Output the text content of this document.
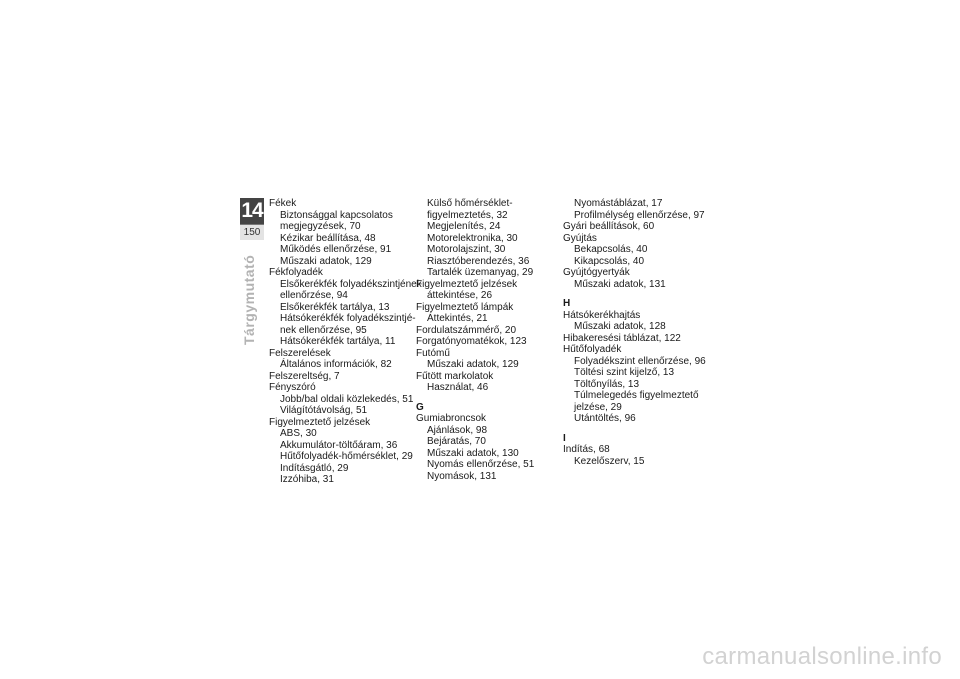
14
150
Tárgymutató
Fékek
Biztonsággal kapcsolatos
megjegyzések, 70
Kézikar beállítása, 48
Működés ellenőrzése, 91
Műszaki adatok, 129
Fékfolyadék
Elsőkerékfék folyadékszintjének
ellenőrzése, 94
Elsőkerékfék tartálya, 13
Hátsókerékfék folyadékszintjé-
nek ellenőrzése, 95
Hátsókerékfék tartálya, 11
Felszerelések
Általános információk, 82
Felszereltség, 7
Fényszóró
Jobb/bal oldali közlekedés, 51
Világítótávolság, 51
Figyelmeztető jelzések
ABS, 30
Akkumulátor-töltőáram, 36
Hűtőfolyadék-hőmérséklet, 29
Indításgátló, 29
Izzóhiba, 31
Külső hőmérséklet-
figyelmeztetés, 32
Megjelenítés, 24
Motorelektronika, 30
Motorolajszint, 30
Riasztóberendezés, 36
Tartalék üzemanyag, 29
Figyelmeztető jelzések
áttekintése, 26
Figyelmeztető lámpák
Áttekintés, 21
Fordulatszámmérő, 20
Forgatónyomatékok, 123
Futómű
Műszaki adatok, 129
Fűtött markolatok
Használat, 46
G
Gumiabroncsok
Ajánlások, 98
Bejáratás, 70
Műszaki adatok, 130
Nyomás ellenőrzése, 51
Nyomások, 131
Nyomástáblázat, 17
Profilmélység ellenőrzése, 97
Gyári beállítások, 60
Gyújtás
Bekapcsolás, 40
Kikapcsolás, 40
Gyújtógyertyák
Műszaki adatok, 131
H
Hátsókerékhajtás
Műszaki adatok, 128
Hibakeresési táblázat, 122
Hűtőfolyadék
Folyadékszint ellenőrzése, 96
Töltési szint kijelző, 13
Töltőnyílás, 13
Túlmelegedés figyelmeztető
jelzése, 29
Utántöltés, 96
I
Indítás, 68
Kezelőszerv, 15
carmanualsonline.info
